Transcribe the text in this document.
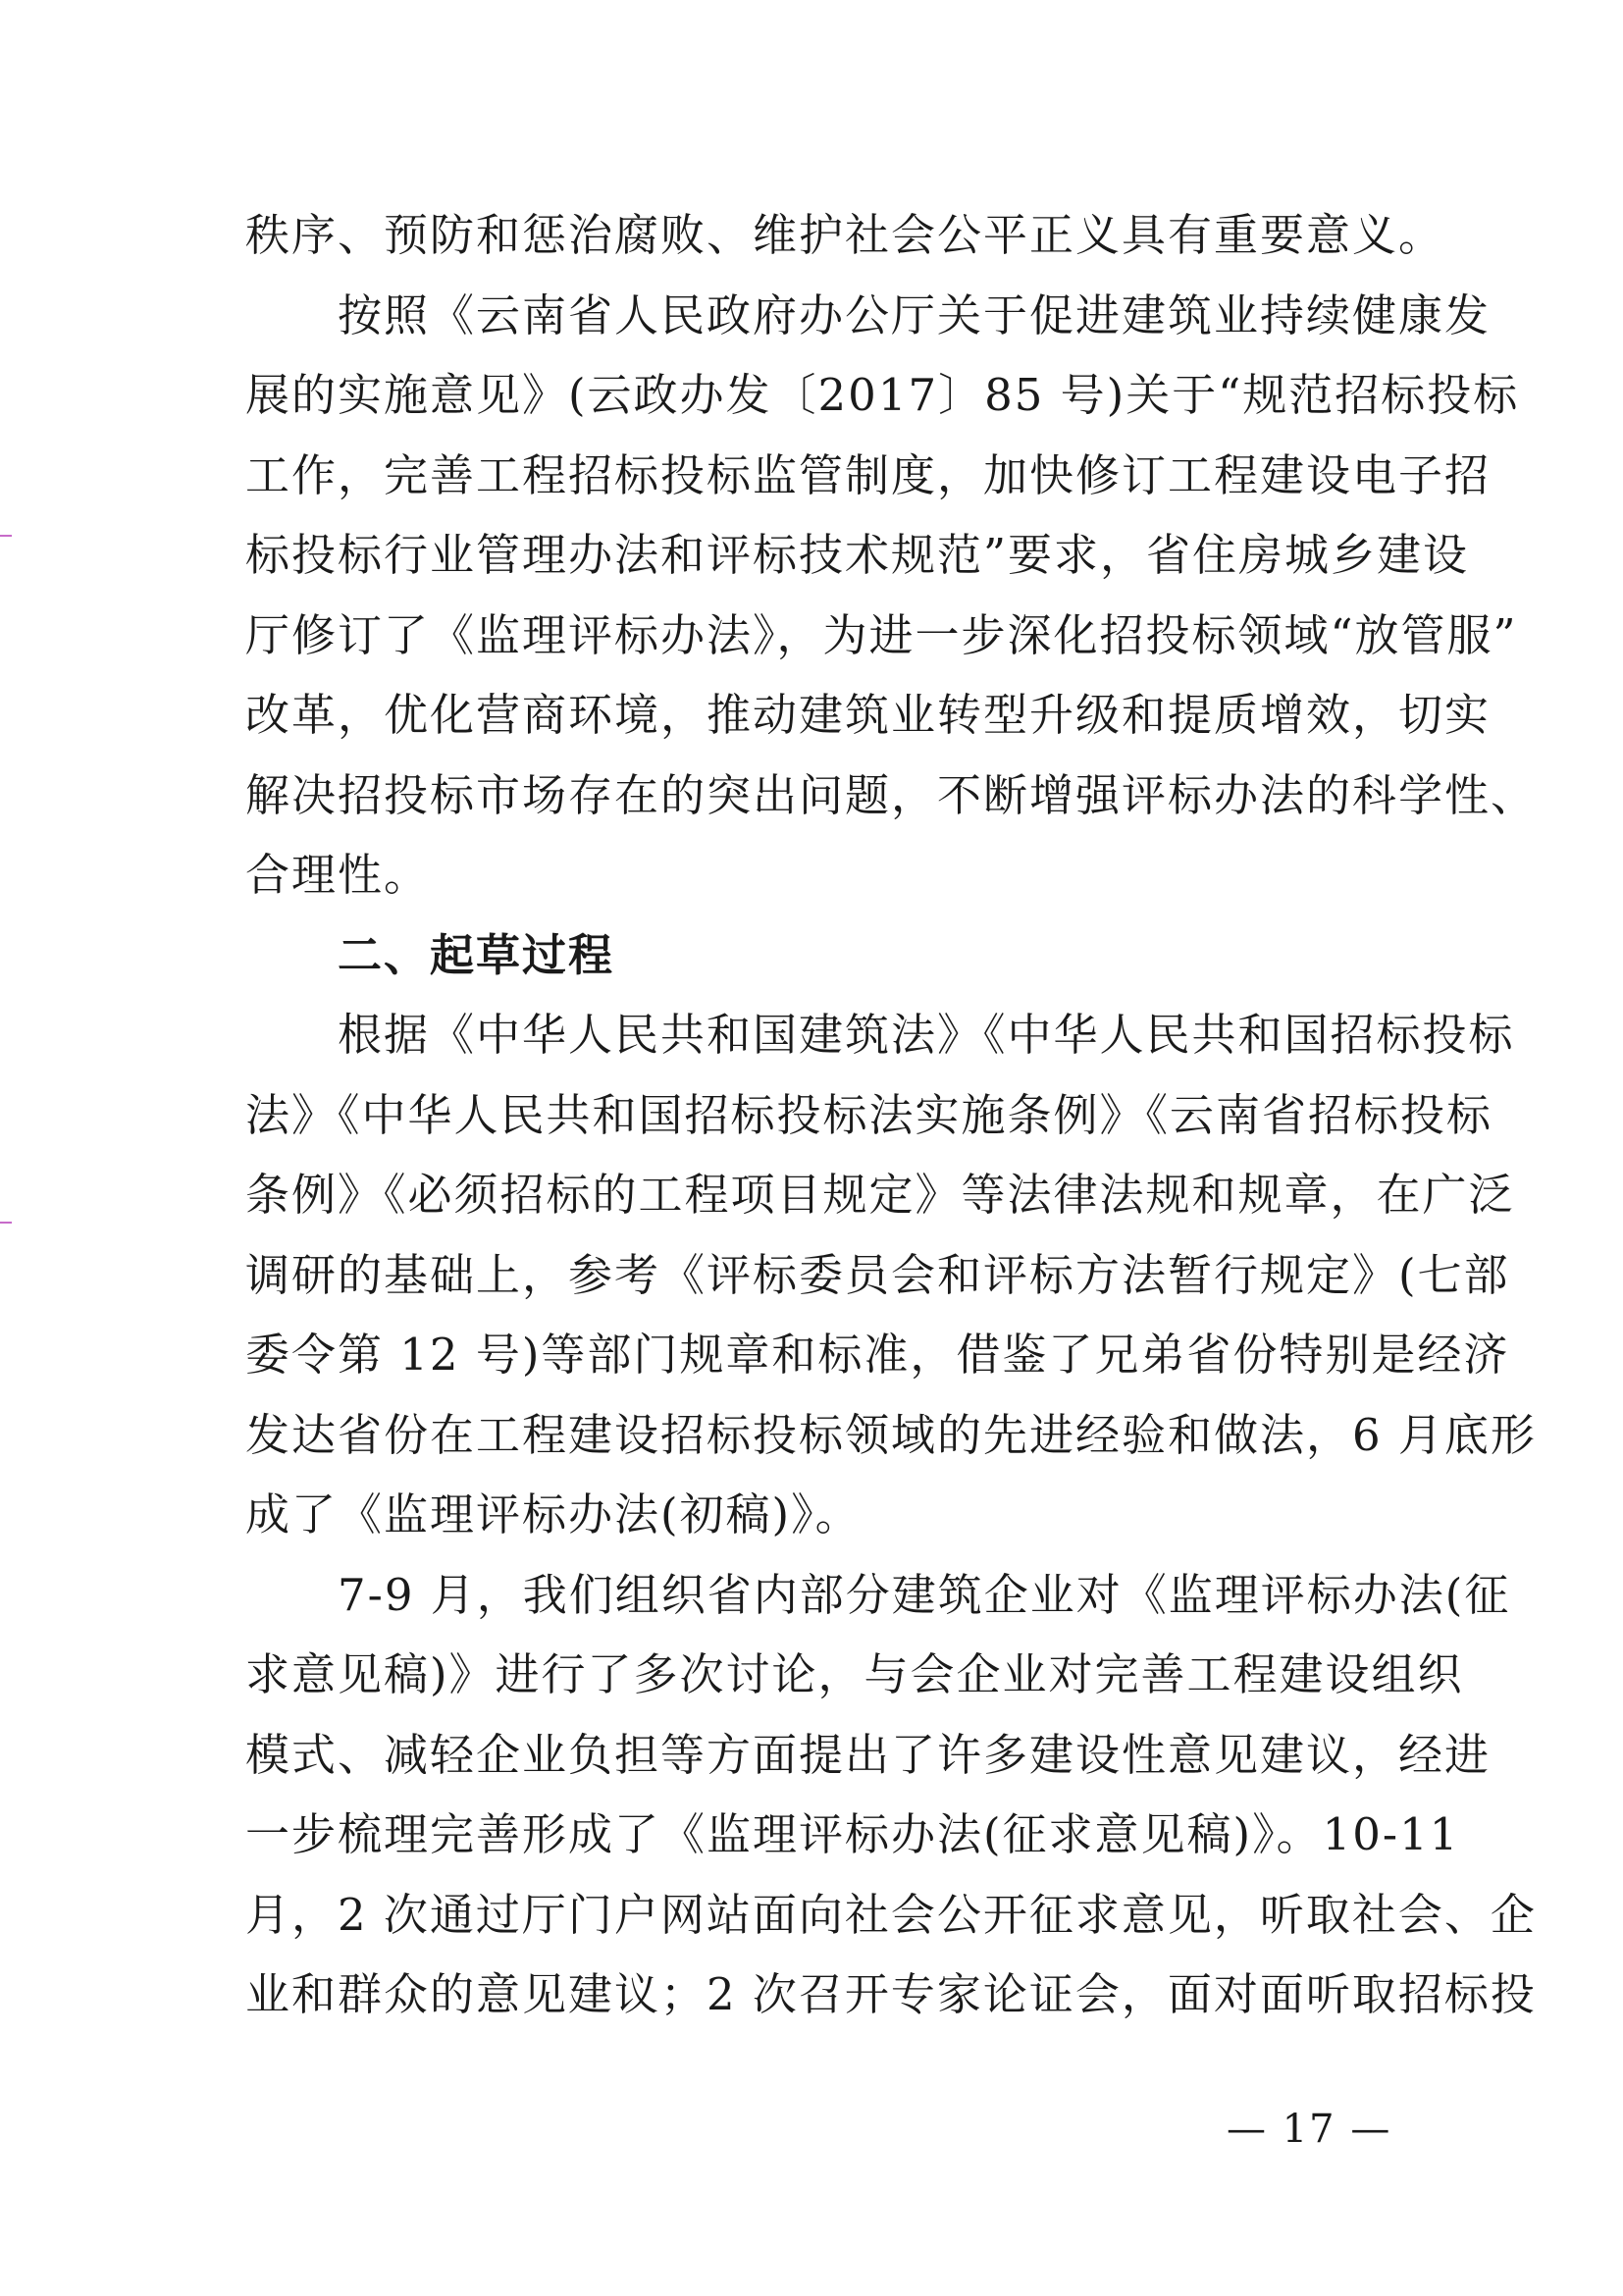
秩序、预防和惩治腐败、维护社会公平正义具有重要意义。
　　按照《云南省人民政府办公厅关于促进建筑业持续健康发
展的实施意见》(云政办发〔2017〕85 号)关于“规范招标投标
工作，完善工程招标投标监管制度，加快修订工程建设电子招
标投标行业管理办法和评标技术规范”要求，省住房城乡建设
厅修订了《监理评标办法》，为进一步深化招投标领域“放管服”
改革，优化营商环境，推动建筑业转型升级和提质增效，切实
解决招投标市场存在的突出问题，不断增强评标办法的科学性、
合理性。
　　二、起草过程
　　根据《中华人民共和国建筑法》《中华人民共和国招标投标
法》《中华人民共和国招标投标法实施条例》《云南省招标投标
条例》《必须招标的工程项目规定》等法律法规和规章，在广泛
调研的基础上，参考《评标委员会和评标方法暂行规定》(七部
委令第 12 号)等部门规章和标准，借鉴了兄弟省份特别是经济
发达省份在工程建设招标投标领域的先进经验和做法，6 月底形
成了《监理评标办法(初稿)》。
　　7-9 月，我们组织省内部分建筑企业对《监理评标办法(征
求意见稿)》进行了多次讨论，与会企业对完善工程建设组织
模式、减轻企业负担等方面提出了许多建设性意见建议，经进
一步梳理完善形成了《监理评标办法(征求意见稿)》。10-11
月，2 次通过厅门户网站面向社会公开征求意见，听取社会、企
业和群众的意见建议；2 次召开专家论证会，面对面听取招标投
— 17 —
